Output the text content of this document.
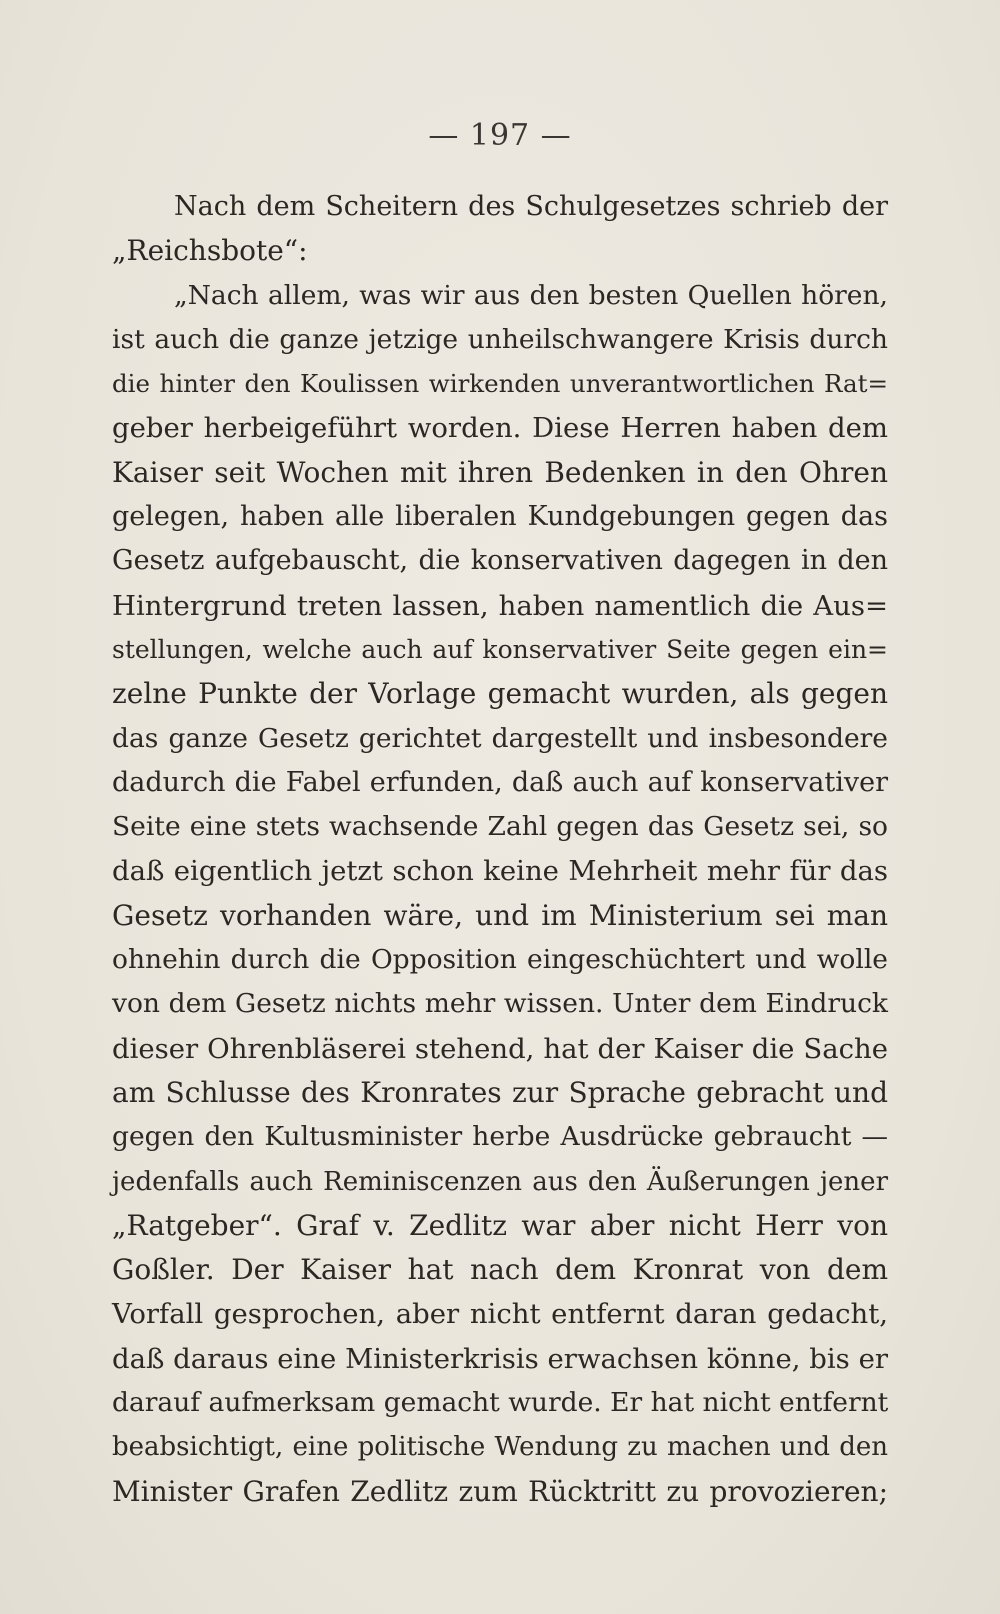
— 197 —
Nach dem Scheitern des Schulgesetzes schrieb der
„Reichsbote“:
„Nach allem, was wir aus den besten Quellen hören,
ist auch die ganze jetzige unheilschwangere Krisis durch
die hinter den Koulissen wirkenden unverantwortlichen Rat=
geber herbeigeführt worden. Diese Herren haben dem
Kaiser seit Wochen mit ihren Bedenken in den Ohren
gelegen, haben alle liberalen Kundgebungen gegen das
Gesetz aufgebauscht, die konservativen dagegen in den
Hintergrund treten lassen, haben namentlich die Aus=
stellungen, welche auch auf konservativer Seite gegen ein=
zelne Punkte der Vorlage gemacht wurden, als gegen
das ganze Gesetz gerichtet dargestellt und insbesondere
dadurch die Fabel erfunden, daß auch auf konservativer
Seite eine stets wachsende Zahl gegen das Gesetz sei, so
daß eigentlich jetzt schon keine Mehrheit mehr für das
Gesetz vorhanden wäre, und im Ministerium sei man
ohnehin durch die Opposition eingeschüchtert und wolle
von dem Gesetz nichts mehr wissen. Unter dem Eindruck
dieser Ohrenbläserei stehend, hat der Kaiser die Sache
am Schlusse des Kronrates zur Sprache gebracht und
gegen den Kultusminister herbe Ausdrücke gebraucht —
jedenfalls auch Reminiscenzen aus den Äußerungen jener
„Ratgeber“. Graf v. Zedlitz war aber nicht Herr von
Goßler. Der Kaiser hat nach dem Kronrat von dem
Vorfall gesprochen, aber nicht entfernt daran gedacht,
daß daraus eine Ministerkrisis erwachsen könne, bis er
darauf aufmerksam gemacht wurde. Er hat nicht entfernt
beabsichtigt, eine politische Wendung zu machen und den
Minister Grafen Zedlitz zum Rücktritt zu provozieren;
